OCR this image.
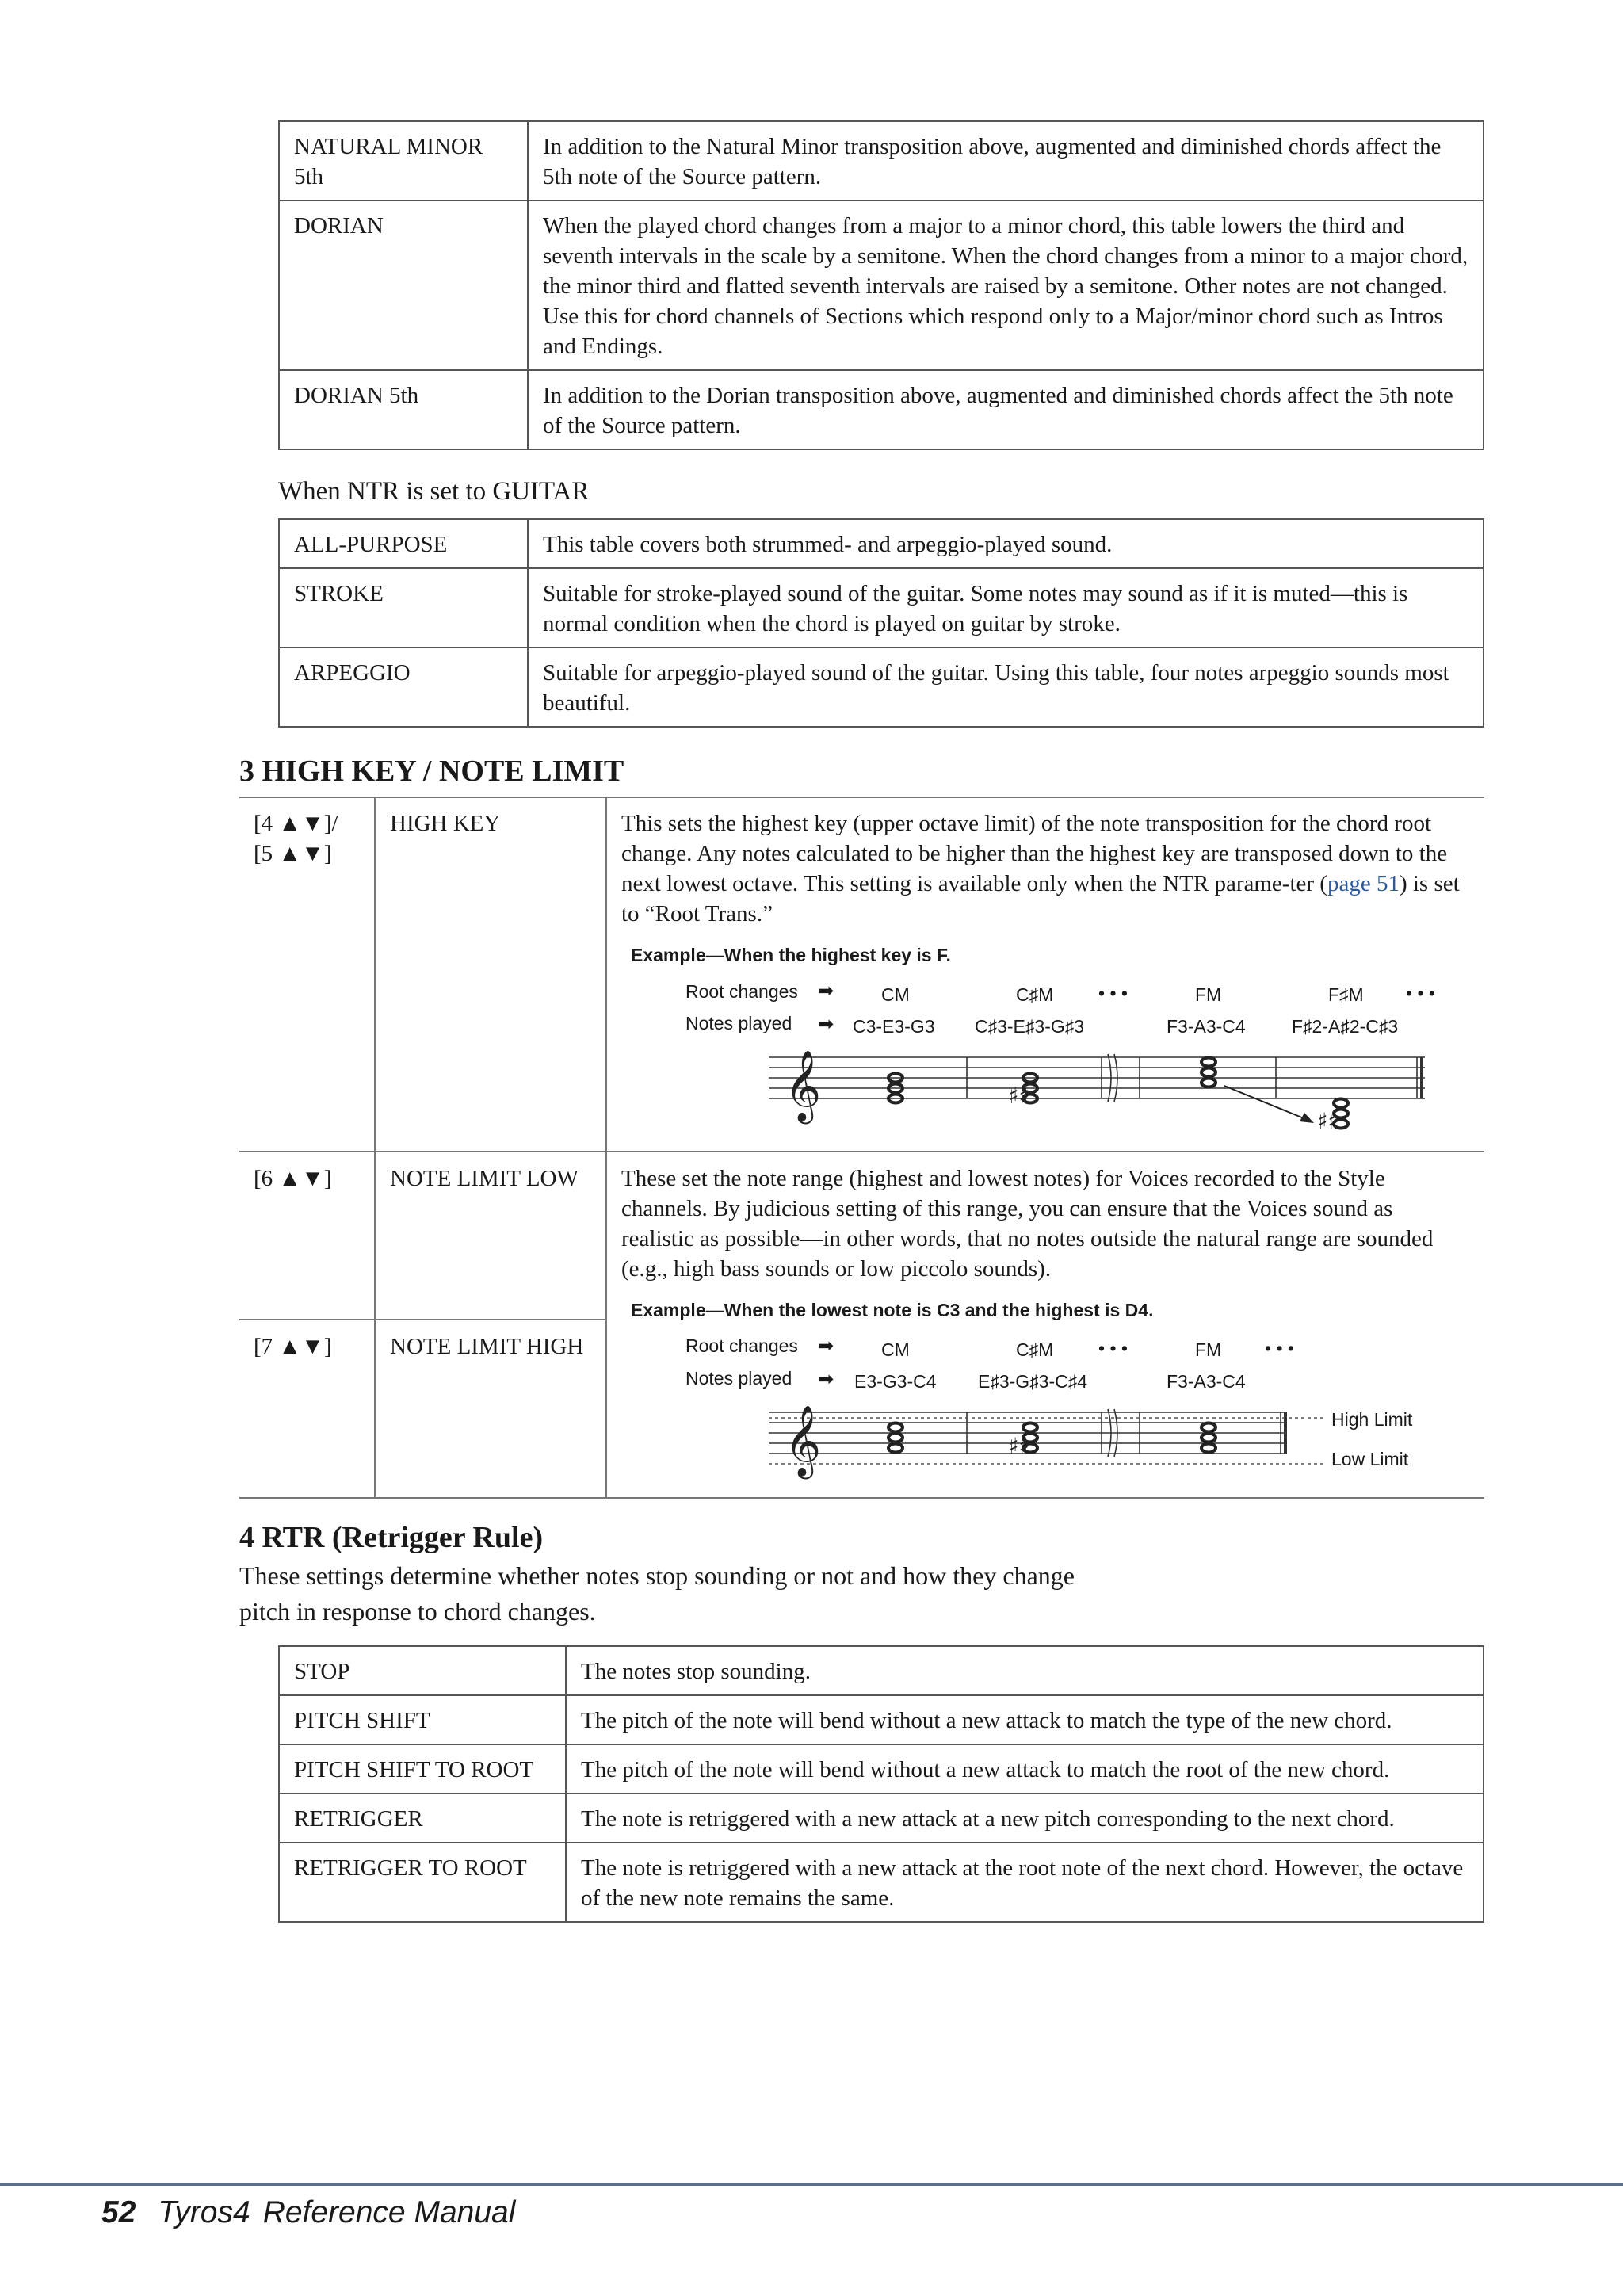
NATURAL MINOR 5th	In addition to the Natural Minor transposition above, augmented and diminished chords affect the 5th note of the Source pattern.
DORIAN	When the played chord changes from a major to a minor chord, this table lowers the third and seventh intervals in the scale by a semitone. When the chord changes from a minor to a major chord, the minor third and flatted seventh intervals are raised by a semitone. Other notes are not changed. Use this for chord channels of Sections which respond only to a Major/minor chord such as Intros and Endings.
DORIAN 5th	In addition to the Dorian transposition above, augmented and diminished chords affect the 5th note of the Source pattern.
When NTR is set to GUITAR
ALL-PURPOSE	This table covers both strummed- and arpeggio-played sound.
STROKE	Suitable for stroke-played sound of the guitar. Some notes may sound as if it is muted—this is normal condition when the chord is played on guitar by stroke.
ARPEGGIO	Suitable for arpeggio-played sound of the guitar. Using this table, four notes arpeggio sounds most beautiful.
3 HIGH KEY / NOTE LIMIT
[4 ▲▼]/ [5 ▲▼]	HIGH KEY	This sets the highest key (upper octave limit) of the note transposition for the chord root change. Any notes calculated to be higher than the highest key are transposed down to the next lowest octave. This setting is available only when the NTR parame-ter (page 51) is set to “Root Trans.”
[6 ▲▼]	NOTE LIMIT LOW	These set the note range (highest and lowest notes) for Voices recorded to the Style channels. By judicious setting of this range, you can ensure that the Voices sound as realistic as possible—in other words, that no notes outside the natural range are sounded (e.g., high bass sounds or low piccolo sounds).
[7 ▲▼]	NOTE LIMIT HIGH	
Example—When the highest key is F.
Root changes ➡	CM	C♯M • • •	FM	F♯M • • •
Notes played ➡ C3-E3-G3 C♯3-E♯3-G♯3	F3-A3-C4	F♯2-A♯2-C♯3
𝄞	♯♯
♯♯
Example—When the lowest note is C3 and the highest is D4.
Root changes ➡	CM	C♯M • • •	FM • • •
Notes played ➡ E3-G3-C4 E♯3-G♯3-C♯4	F3-A3-C4
𝄞	♯♯
High Limit
Low Limit
4 RTR (Retrigger Rule)
These settings determine whether notes stop sounding or not and how they change
pitch in response to chord changes.
STOP	The notes stop sounding.
PITCH SHIFT	The pitch of the note will bend without a new attack to match the type of the new chord.
PITCH SHIFT TO ROOT	The pitch of the note will bend without a new attack to match the root of the new chord.
RETRIGGER	The note is retriggered with a new attack at a new pitch corresponding to the next chord.
RETRIGGER TO ROOT	The note is retriggered with a new attack at the root note of the next chord. However, the octave of the new note remains the same.
52 Tyros4 Reference Manual
